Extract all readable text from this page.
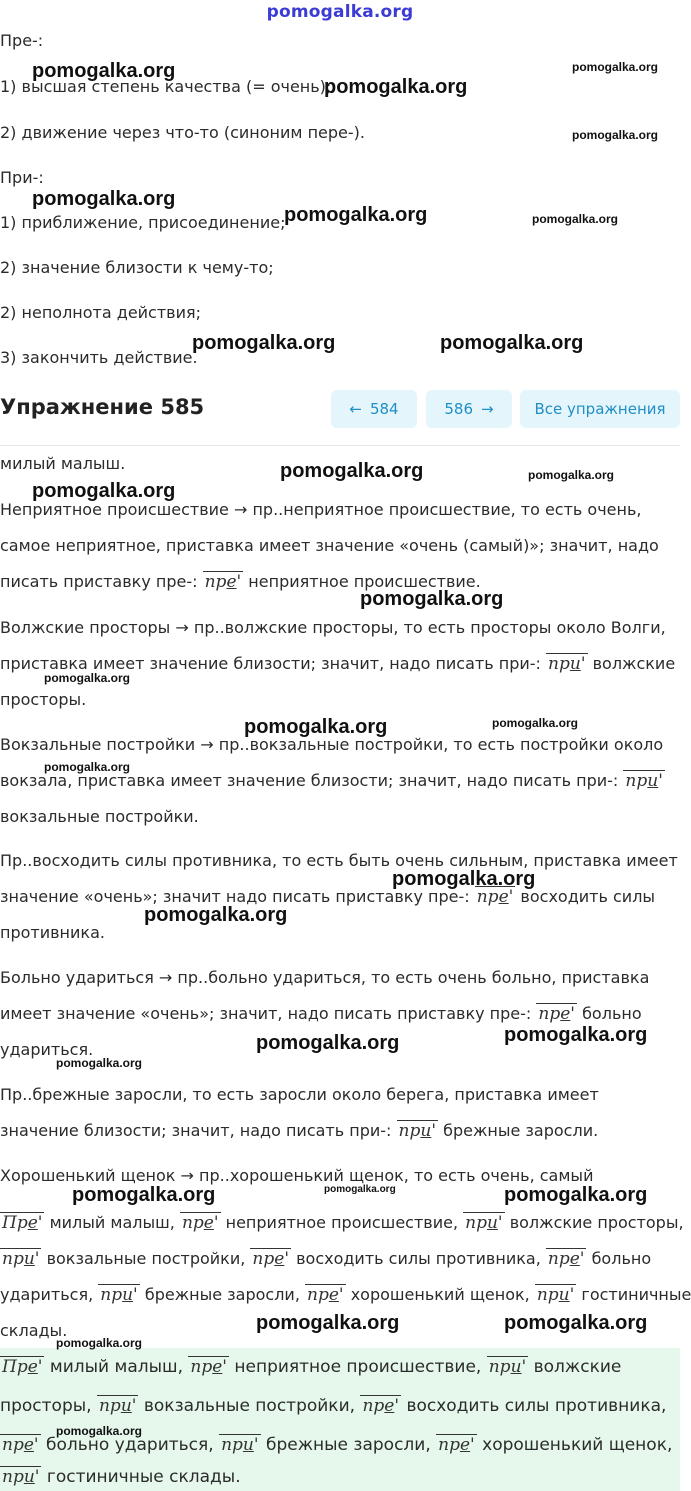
pomogalka.org

Пре-:

1) высшая степень качества (= очень);

2) движение через что-то (синоним пере-).

При-:

1) приближение, присоединение;

2) значение близости к чему-то;

2) неполнота действия;

3) закончить действие.

Упражнение 585	← 584	586 →	Все упражнения
милый малыш.
Неприятное происшествие → пр..неприятное происшествие, то есть очень,
самое неприятное, приставка имеет значение «очень (самый)»; значит, надо
писать приставку пре-: пре' неприятное происшествие.
Волжские просторы → пр..волжские просторы, то есть просторы около Волги,
приставка имеет значение близости; значит, надо писать при-: при' волжские
просторы.
Вокзальные постройки → пр..вокзальные постройки, то есть постройки около
вокзала, приставка имеет значение близости; значит, надо писать при-: при'
вокзальные постройки.
Пр..восходить силы противника, то есть быть очень сильным, приставка имеет
значение «очень»; значит надо писать приставку пре-: пре' восходить силы
противника.
Больно удариться → пр..больно удариться, то есть очень больно, приставка
имеет значение «очень»; значит, надо писать приставку пре-: пре' больно
удариться.
Пр..брежные заросли, то есть заросли около берега, приставка имеет
значение близости; значит, надо писать при-: при' брежные заросли.
Хорошенький щенок → пр..хорошенький щенок, то есть очень, самый
Пре' милый малыш, пре' неприятное происшествие, при' волжские просторы,
при' вокзальные постройки, пре' восходить силы противника, пре' больно
удариться, при' брежные заросли, пре' хорошенький щенок, при' гостиничные
склады.
Пре' милый малыш, пре' неприятное происшествие, при' волжские
просторы, при' вокзальные постройки, пре' восходить силы противника,
пре' больно удариться, при' брежные заросли, пре' хорошенький щенок,
при' гостиничные склады.
pomogalka.org
pomogalka.org
pomogalka.org
pomogalka.org
pomogalka.org
pomogalka.org	pomogalka.org
pomogalka.org	pomogalka.org
pomogalka.org	pomogalka.org
pomogalka.org
pomogalka.org
pomogalka.org
pomogalka.org	pomogalka.org
pomogalka.org
pomogalka.org
pomogalka.org
pomogalka.org	pomogalka.org
pomogalka.org
pomogalka.org	pomogalka.org	pomogalka.org
pomogalka.org	pomogalka.org
pomogalka.org
pomogalka.org
